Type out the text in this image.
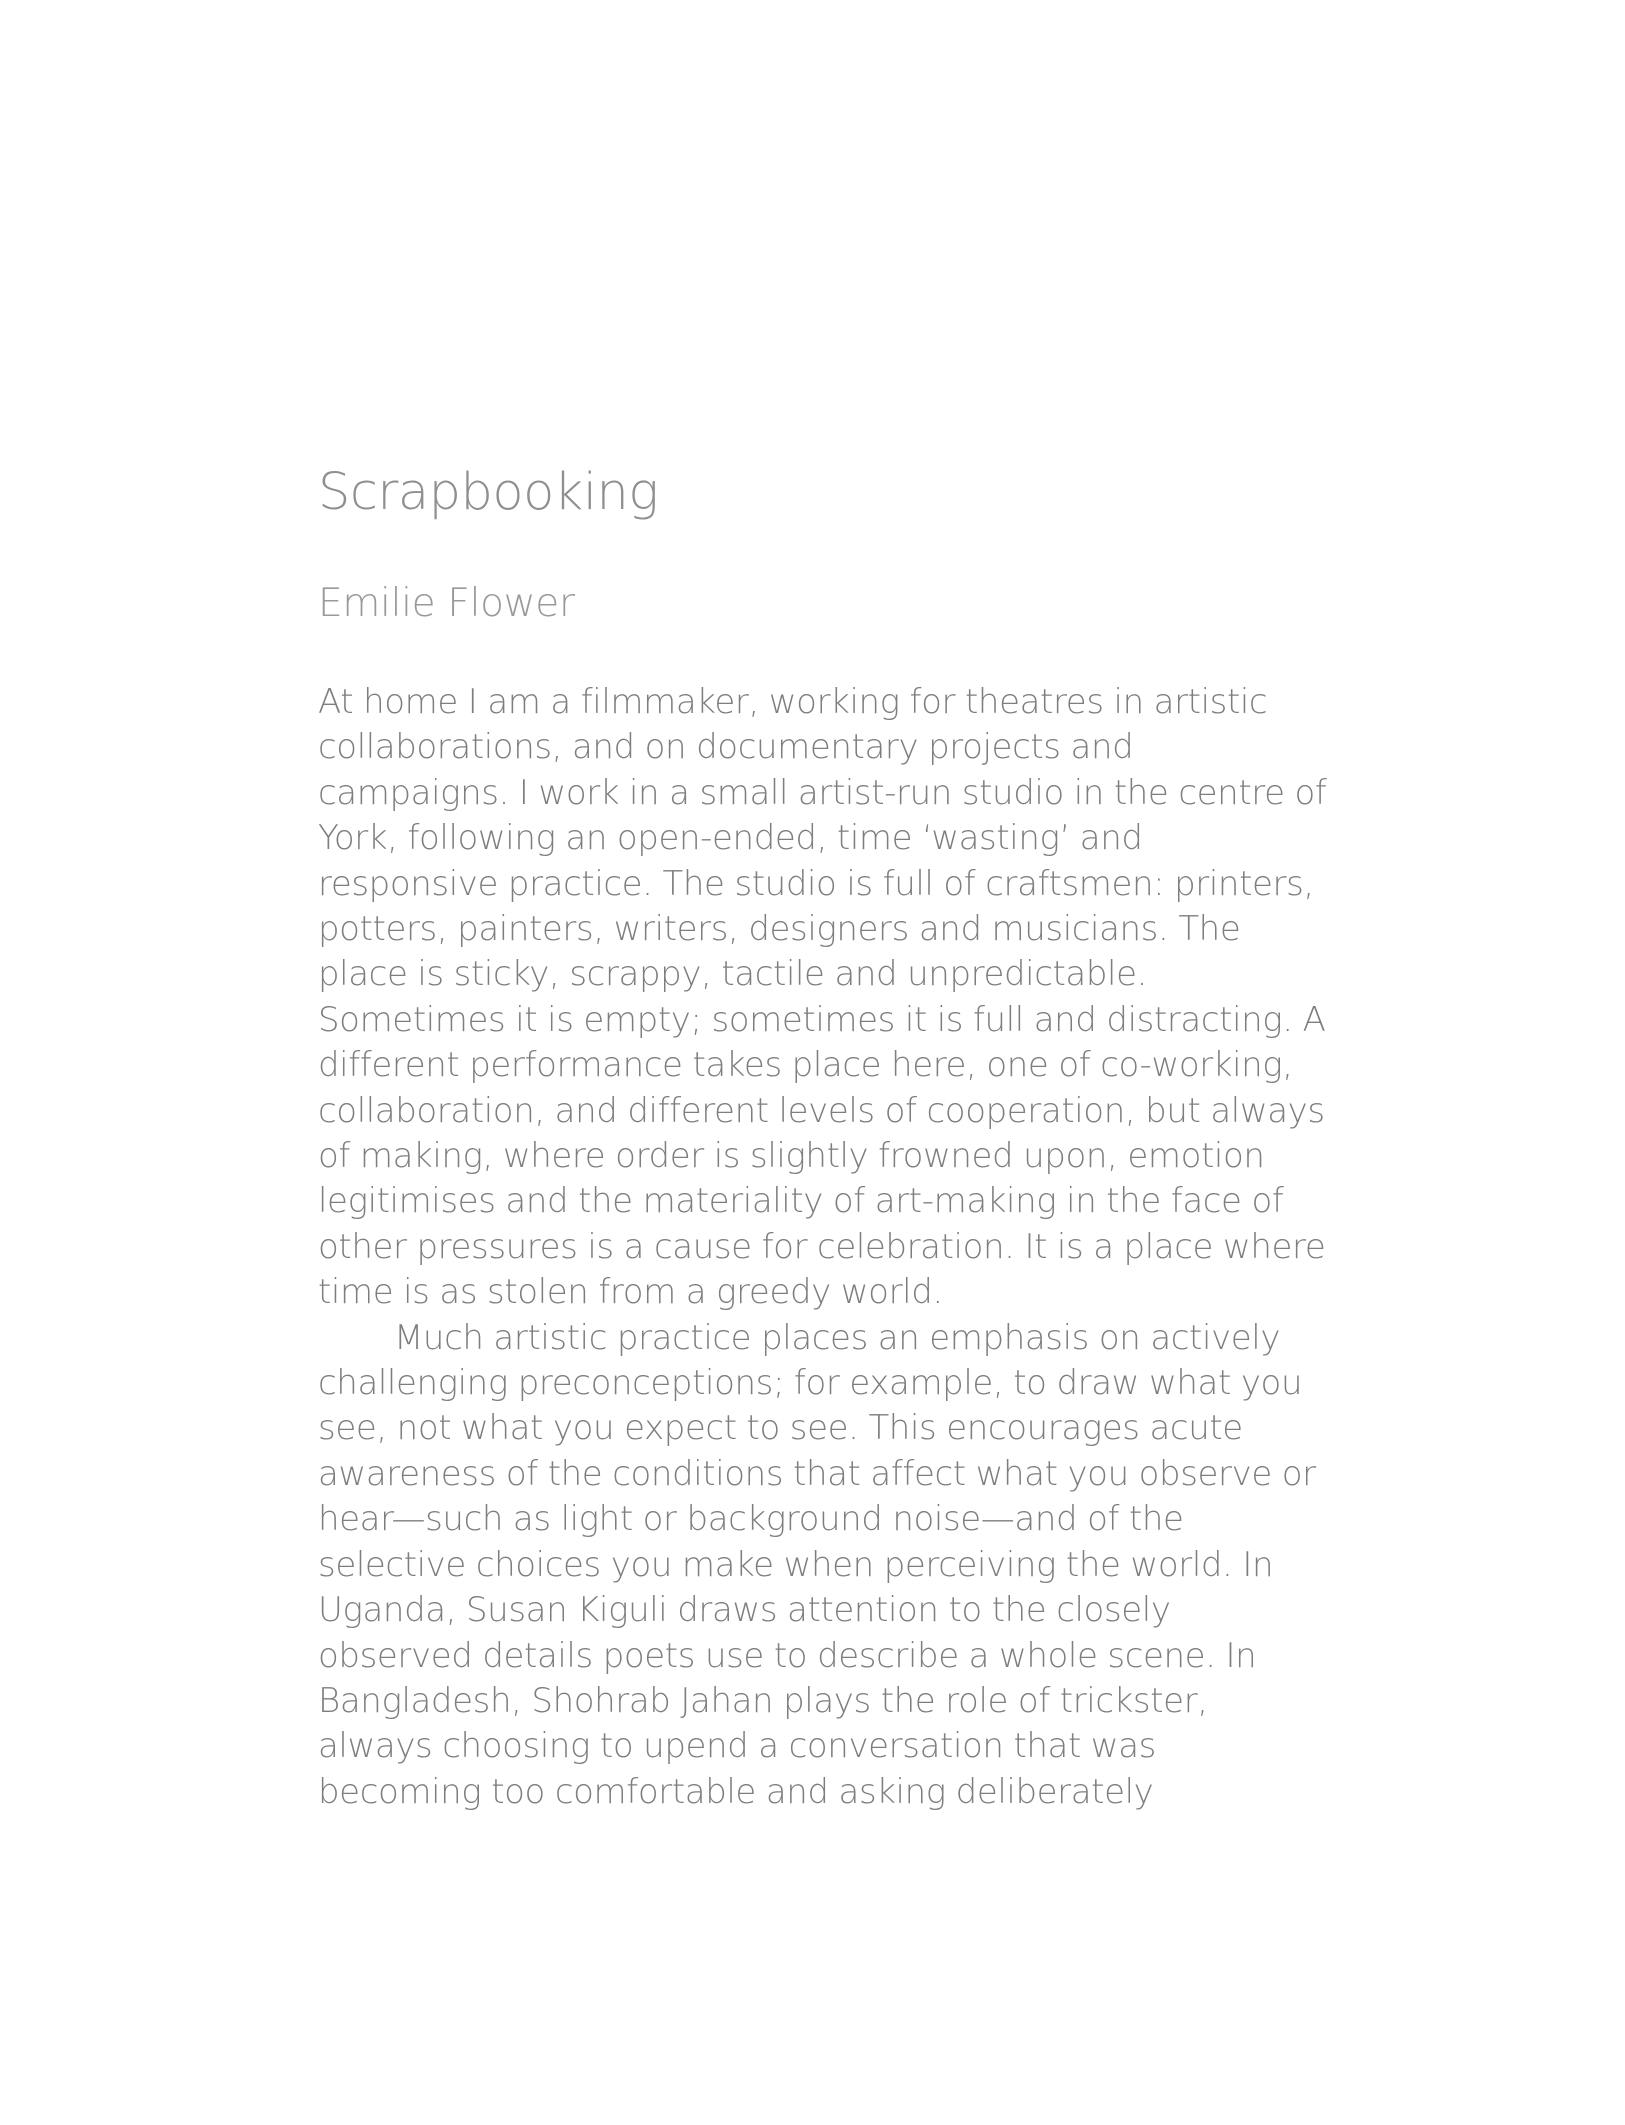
Scrapbooking
Emilie Flower

At home I am a filmmaker, working for theatres in artistic collaborations, and on documentary projects and campaigns. I work in a small artist-run studio in the centre of York, following an open-ended, time ‘wasting’ and responsive practice. The studio is full of craftsmen: printers, potters, painters, writers, designers and musicians. The place is sticky, scrappy, tactile and unpredictable. Sometimes it is empty; sometimes it is full and distracting. A different performance takes place here, one of co-working, collaboration, and different levels of cooperation, but always of making, where order is slightly frowned upon, emotion legitimises and the materiality of art-making in the face of other pressures is a cause for celebration. It is a place where time is as stolen from a greedy world.

Much artistic practice places an emphasis on actively challenging preconceptions; for example, to draw what you see, not what you expect to see. This encourages acute awareness of the conditions that affect what you observe or hear—such as light or background noise—and of the selective choices you make when perceiving the world. In Uganda, Susan Kiguli draws attention to the closely observed details poets use to describe a whole scene. In Bangladesh, Shohrab Jahan plays the role of trickster, always choosing to upend a conversation that was becoming too comfortable and asking deliberately
